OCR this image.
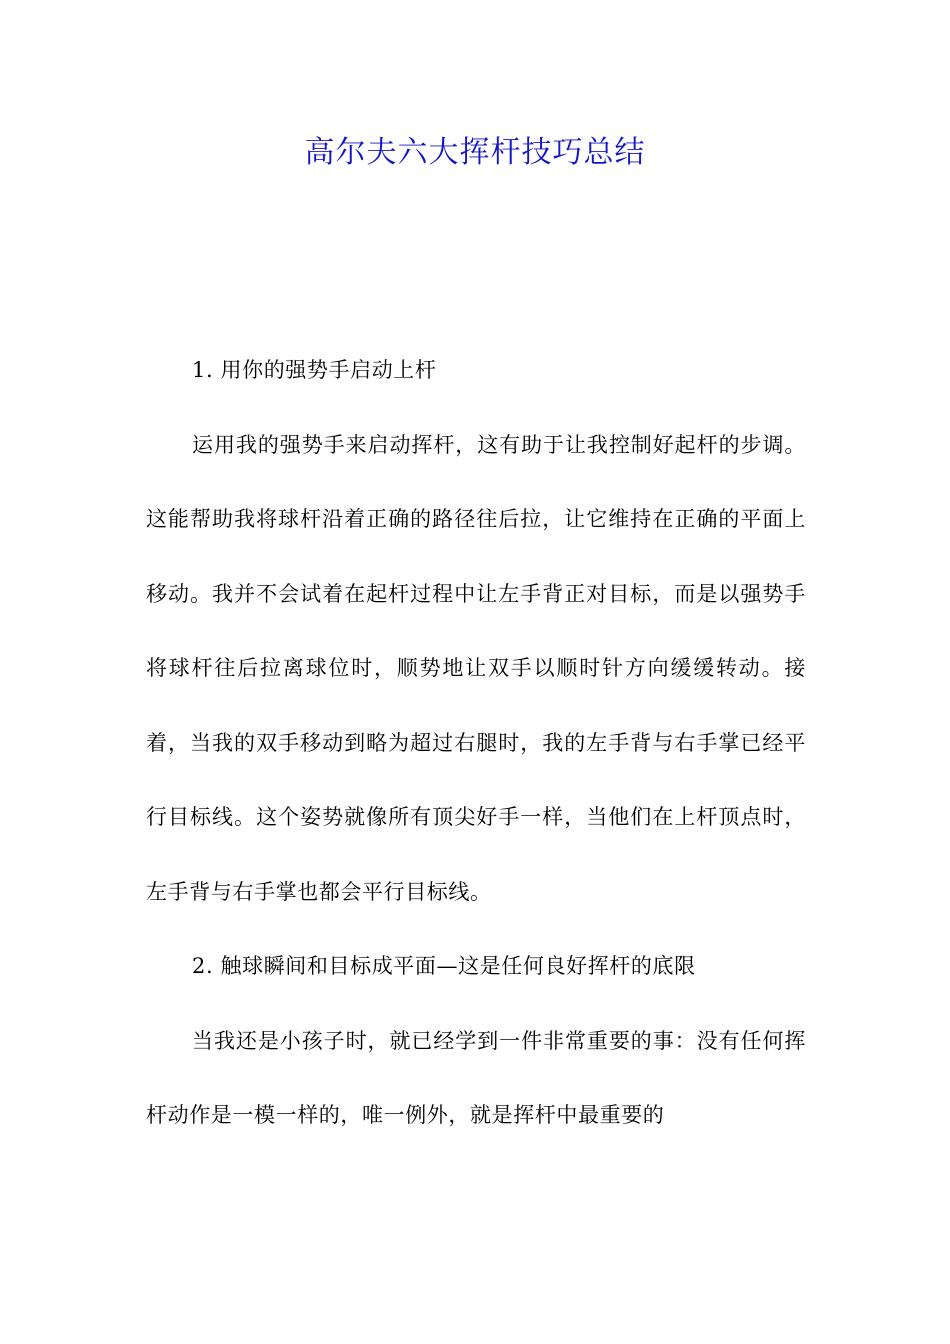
高尔夫六大挥杆技巧总结

1. 用你的强势手启动上杆

运用我的强势手来启动挥杆，这有助于让我控制好起杆的步调。这能帮助我将球杆沿着正确的路径往后拉，让它维持在正确的平面上移动。我并不会试着在起杆过程中让左手背正对目标，而是以强势手将球杆往后拉离球位时，顺势地让双手以顺时针方向缓缓转动。接着，当我的双手移动到略为超过右腿时，我的左手背与右手掌已经平行目标线。这个姿势就像所有顶尖好手一样，当他们在上杆顶点时，左手背与右手掌也都会平行目标线。

2. 触球瞬间和目标成平面—这是任何良好挥杆的底限

当我还是小孩子时，就已经学到一件非常重要的事：没有任何挥杆动作是一模一样的，唯一例外，就是挥杆中最重要的
